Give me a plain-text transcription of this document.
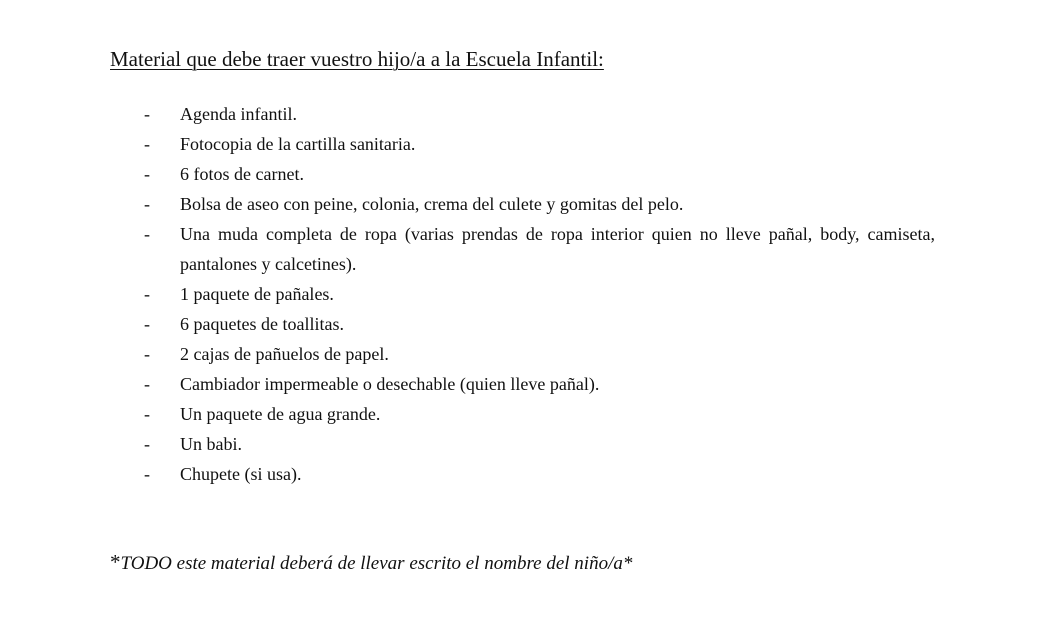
Material que debe traer vuestro hijo/a a la Escuela Infantil:
- Agenda infantil.
- Fotocopia de la cartilla sanitaria.
- 6 fotos de carnet.
- Bolsa de aseo con peine, colonia, crema del culete y gomitas del pelo.
- Una muda completa de ropa (varias prendas de ropa interior quien no lleve pañal, body, camiseta, pantalones y calcetines).
- 1 paquete de pañales.
- 6 paquetes de toallitas.
- 2 cajas de pañuelos de papel.
- Cambiador impermeable o desechable (quien lleve pañal).
- Un paquete de agua grande.
- Un babi.
- Chupete (si usa).
*TODO este material deberá de llevar escrito el nombre del niño/a*
